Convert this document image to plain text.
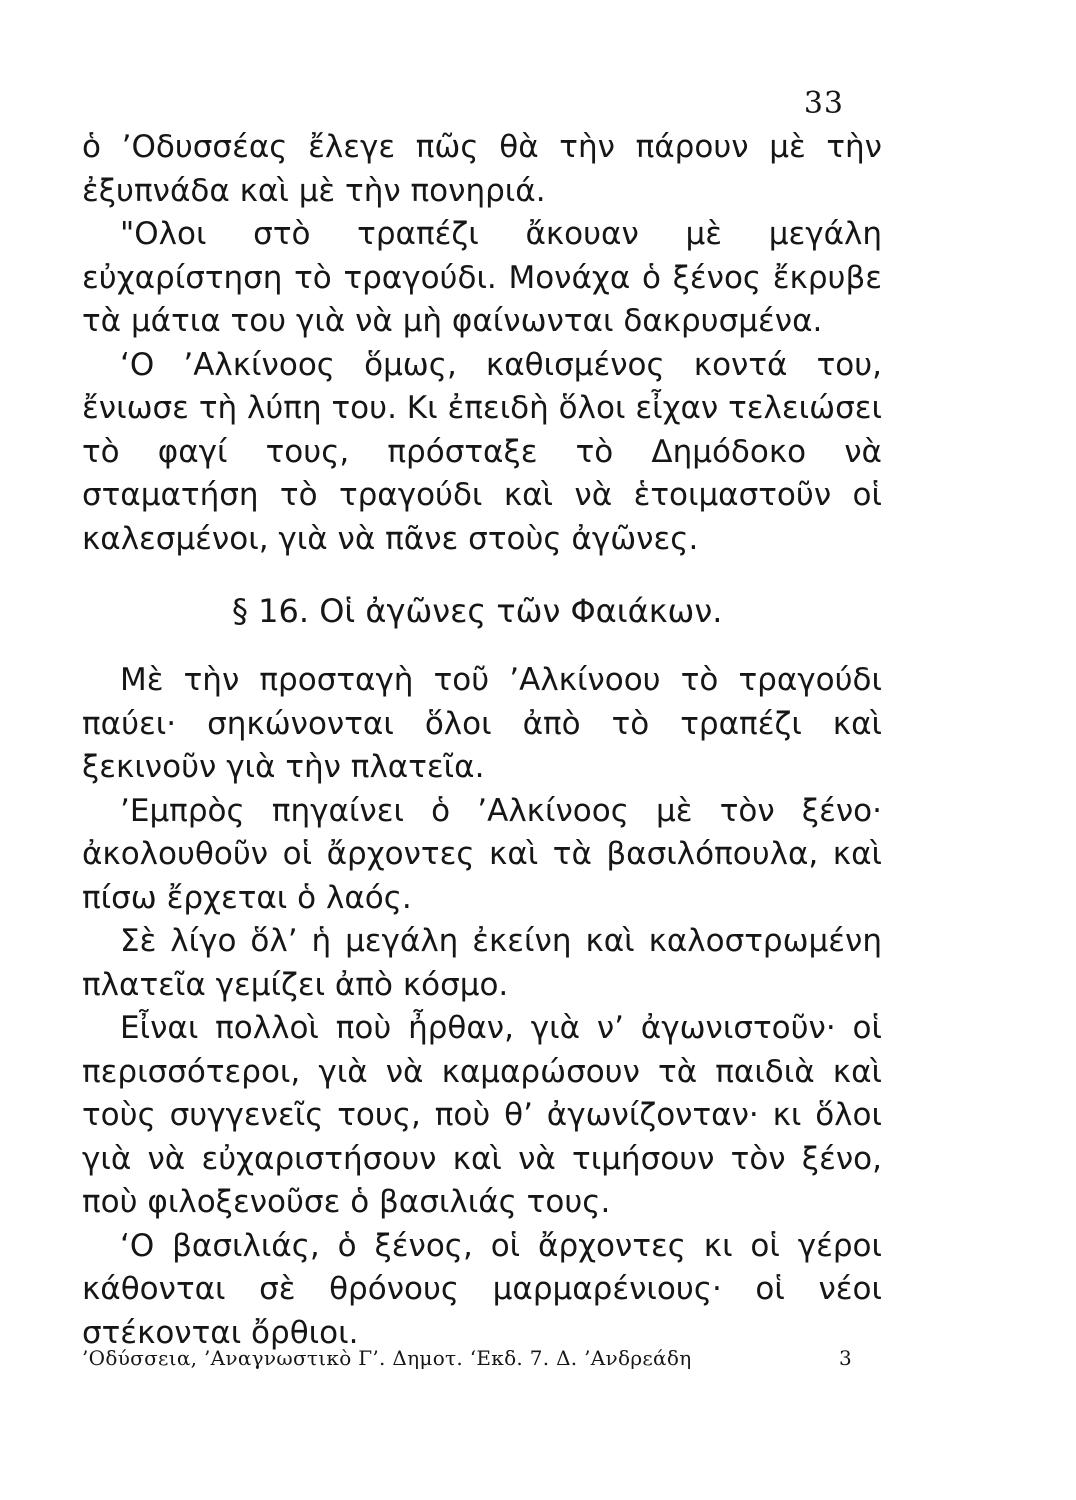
33

ὁ ’Οδυσσέας ἔλεγε πῶς θὰ τὴν πάρουν μὲ τὴν ἐξυπνάδα καὶ μὲ τὴν πονηριά.

"Ολοι στὸ τραπέζι ἄκουαν μὲ μεγάλη εὐχαρίστηση τὸ τραγούδι. Μονάχα ὁ ξένος ἔκρυβε τὰ μάτια του γιὰ νὰ μὴ φαίνωνται δακρυσμένα.

‘Ο ’Αλκίνοος ὅμως, καθισμένος κοντά του, ἔνιωσε τὴ λύπη του. Κι ἐπειδὴ ὅλοι εἶχαν τελειώσει τὸ φαγί τους, πρόσταξε τὸ Δημόδοκο νὰ σταματήση τὸ τραγούδι καὶ νὰ ἑτοιμαστοῦν οἱ καλεσμένοι, γιὰ νὰ πᾶνε στοὺς ἀγῶνες.

§ 16. Οἱ ἀγῶνες τῶν Φαιάκων.

Μὲ τὴν προσταγὴ τοῦ ’Αλκίνοου τὸ τραγούδι παύει· σηκώνονται ὅλοι ἀπὸ τὸ τραπέζι καὶ ξεκινοῦν γιὰ τὴν πλατεῖα.

’Εμπρὸς πηγαίνει ὁ ’Αλκίνοος μὲ τὸν ξένο· ἀκολουθοῦν οἱ ἄρχοντες καὶ τὰ βασιλόπουλα, καὶ πίσω ἔρχεται ὁ λαός.

Σὲ λίγο ὅλ’ ἡ μεγάλη ἐκείνη καὶ καλοστρωμένη πλατεῖα γεμίζει ἀπὸ κόσμο.

Εἶναι πολλοὶ ποὺ ἦρθαν, γιὰ ν’ ἀγωνιστοῦν· οἱ περισσότεροι, γιὰ νὰ καμαρώσουν τὰ παιδιὰ καὶ τοὺς συγγενεῖς τους, ποὺ θ’ ἀγωνίζονταν· κι ὅλοι γιὰ νὰ εὐχαριστήσουν καὶ νὰ τιμήσουν τὸν ξένο, ποὺ φιλοξενοῦσε ὁ βασιλιάς τους.

‘Ο βασιλιάς, ὁ ξένος, οἱ ἄρχοντες κι οἱ γέροι κάθονται σὲ θρόνους μαρμαρένιους· οἱ νέοι στέκονται ὄρθιοι.

’Οδύσσεια, ’Αναγνωστικὸ Γ’. Δημοτ. ‘Εκδ. 7. Δ. ’Ανδρεάδη	3
